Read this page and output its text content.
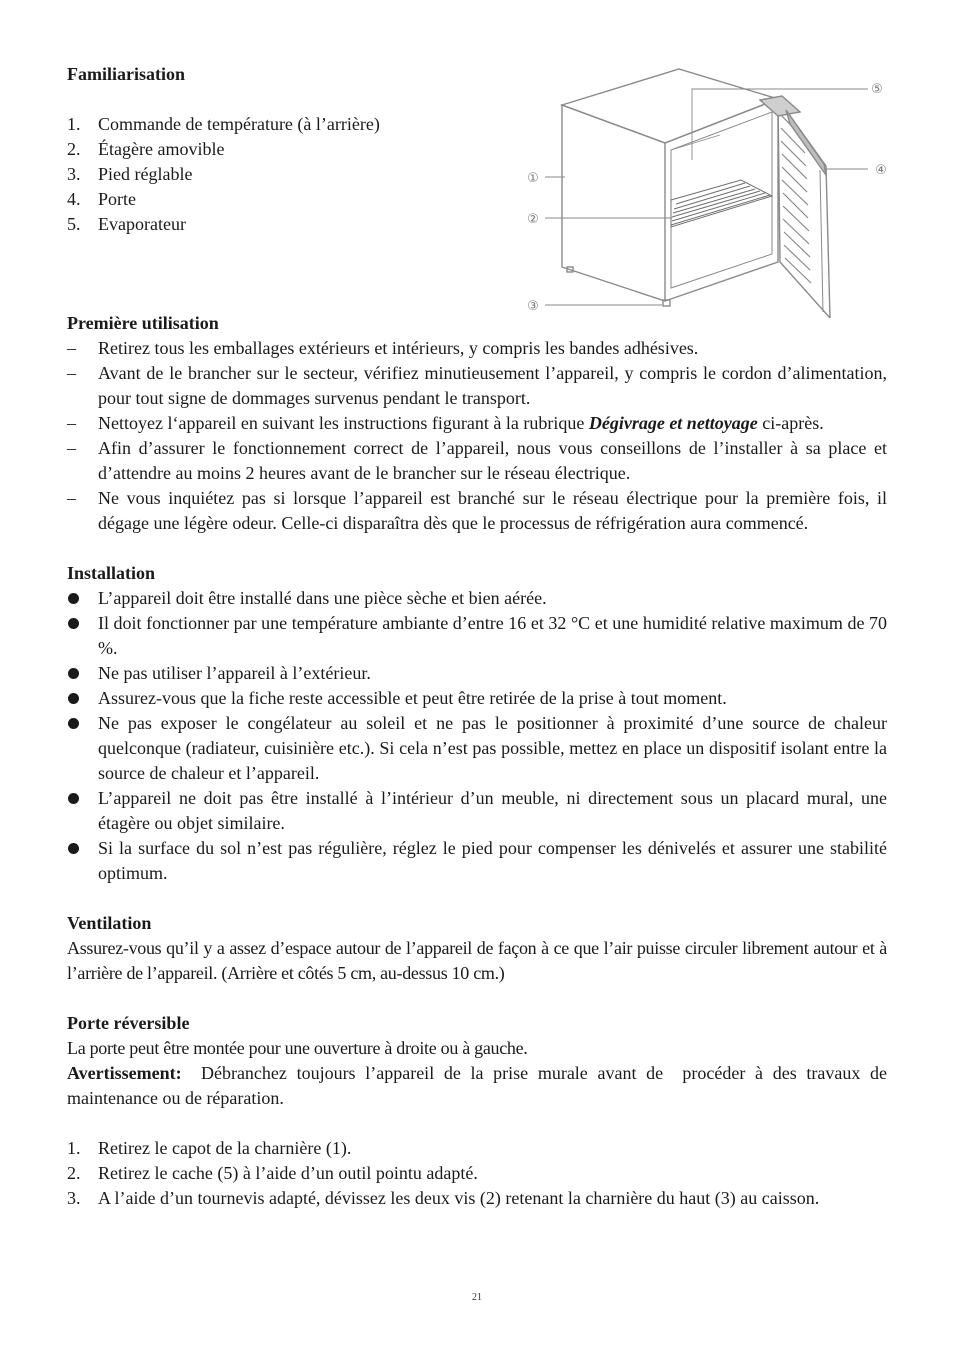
Familiarisation
1. Commande de température (à l’arrière)
2. Étagère amovible
3. Pied réglable
4. Porte
5. Evaporateur
①
②
③
④
⑤
Première utilisation
– Retirez tous les emballages extérieurs et intérieurs, y compris les bandes adhésives.
– Avant de le brancher sur le secteur, vérifiez minutieusement l’appareil, y compris le cordon d’alimentation, pour tout signe de dommages survenus pendant le transport.
– Nettoyez l‘appareil en suivant les instructions figurant à la rubrique Dégivrage et nettoyage ci-après.
– Afin d’assurer le fonctionnement correct de l’appareil, nous vous conseillons de l’installer à sa place et d’attendre au moins 2 heures avant de le brancher sur le réseau électrique.
– Ne vous inquiétez pas si lorsque l’appareil est branché sur le réseau électrique pour la première fois, il dégage une légère odeur. Celle-ci disparaîtra dès que le processus de réfrigération aura commencé.
Installation
L’appareil doit être installé dans une pièce sèche et bien aérée.
Il doit fonctionner par une température ambiante d’entre 16 et 32 °C et une humidité relative maximum de 70 %.
Ne pas utiliser l’appareil à l’extérieur.
Assurez-vous que la fiche reste accessible et peut être retirée de la prise à tout moment.
Ne pas exposer le congélateur au soleil et ne pas le positionner à proximité d’une source de chaleur quelconque (radiateur, cuisinière etc.). Si cela n’est pas possible, mettez en place un dispositif isolant entre la source de chaleur et l’appareil.
L’appareil ne doit pas être installé à l’intérieur d’un meuble, ni directement sous un placard mural, une étagère ou objet similaire.
Si la surface du sol n’est pas régulière, réglez le pied pour compenser les dénivelés et assurer une stabilité optimum.
Ventilation

Assurez-vous qu’il y a assez d’espace autour de l’appareil de façon à ce que l’air puisse circuler librement autour et à l’arrière de l’appareil. (Arrière et côtés 5 cm, au-dessus 10 cm.)

Porte réversible

La porte peut être montée pour une ouverture à droite ou à gauche.

Avertissement:  Débranchez toujours l’appareil de la prise murale avant de  procéder à des travaux de maintenance ou de réparation.

1. Retirez le capot de la charnière (1).
2. Retirez le cache (5) à l’aide d’un outil pointu adapté.
3. A l’aide d’un tournevis adapté, dévissez les deux vis (2) retenant la charnière du haut (3) au caisson.
21
